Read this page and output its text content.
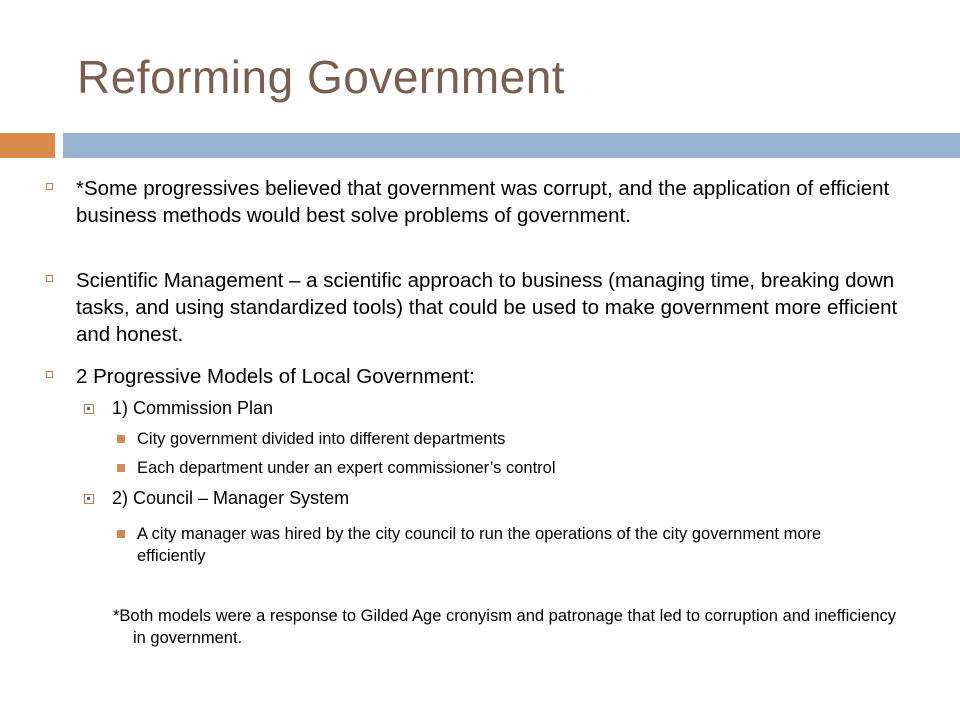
Reforming Government
*Some progressives believed that government was corrupt, and the application of efficient business methods would best solve problems of government.
Scientific Management – a scientific approach to business (managing time, breaking down tasks, and using standardized tools) that could be used to make government more efficient and honest.
2 Progressive Models of Local Government:
1) Commission Plan
City government divided into different departments
Each department under an expert commissioner’s control
2) Council – Manager System
A city manager was hired by the city council to run the operations of the city government more efficiently
*Both models were a response to Gilded Age cronyism and patronage that led to corruption and inefficiency in government.
